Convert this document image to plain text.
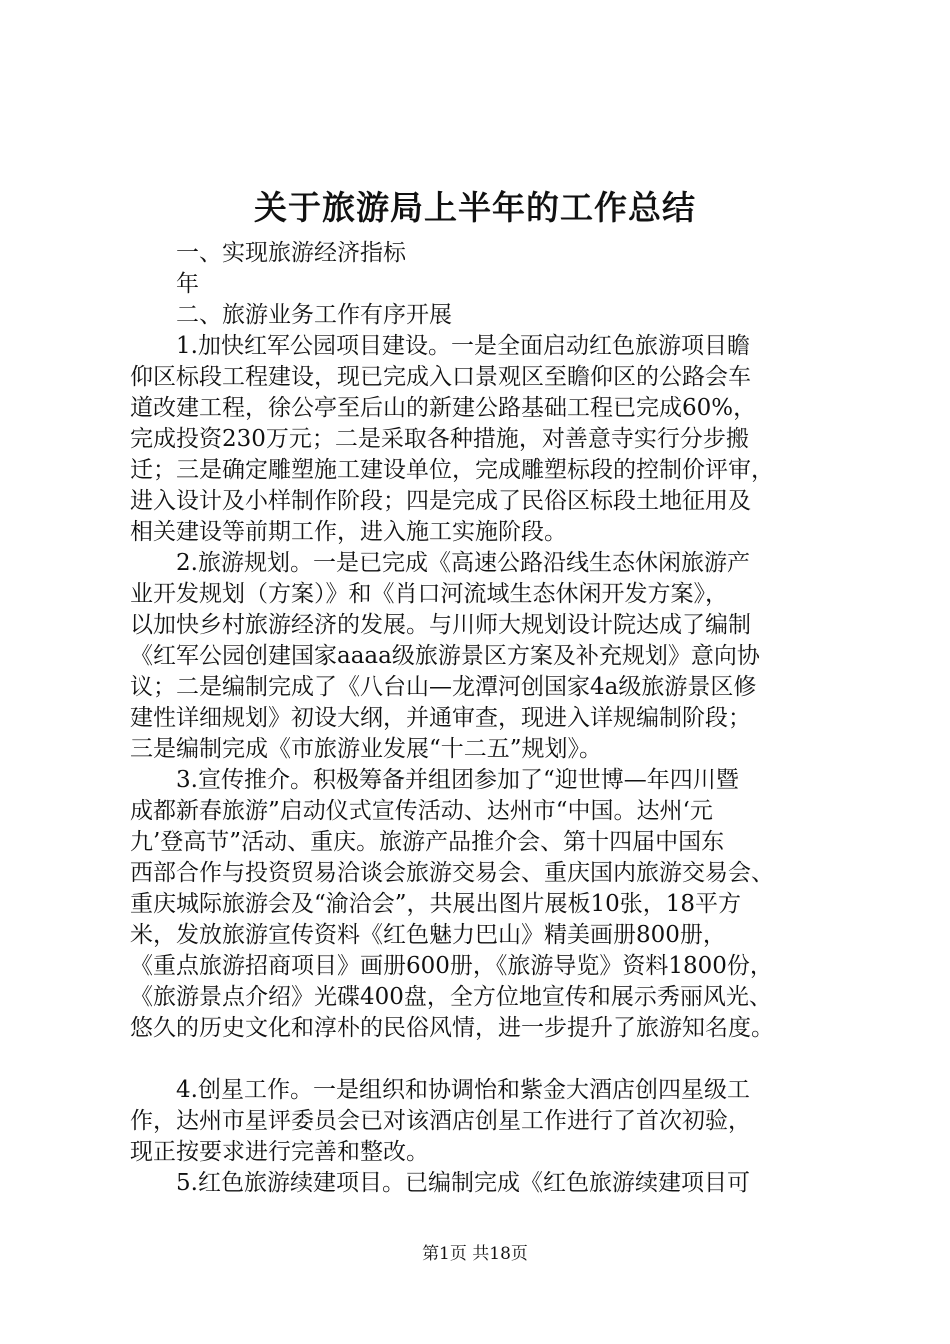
关于旅游局上半年的工作总结
　　一、实现旅游经济指标
　　年
　　二、旅游业务工作有序开展
　　1.加快红军公园项目建设。一是全面启动红色旅游项目瞻
仰区标段工程建设，现已完成入口景观区至瞻仰区的公路会车
道改建工程，徐公亭至后山的新建公路基础工程已完成60%，
完成投资230万元；二是采取各种措施，对善意寺实行分步搬
迁；三是确定雕塑施工建设单位，完成雕塑标段的控制价评审，
进入设计及小样制作阶段；四是完成了民俗区标段土地征用及
相关建设等前期工作，进入施工实施阶段。
　　2.旅游规划。一是已完成《高速公路沿线生态休闲旅游产
业开发规划（方案）》和《肖口河流域生态休闲开发方案》，
以加快乡村旅游经济的发展。与川师大规划设计院达成了编制
《红军公园创建国家aaaa级旅游景区方案及补充规划》意向协
议；二是编制完成了《八台山—龙潭河创国家4a级旅游景区修
建性详细规划》初设大纲，并通审查，现进入详规编制阶段；
三是编制完成《市旅游业发展“十二五”规划》。
　　3.宣传推介。积极筹备并组团参加了“迎世博—年四川暨
成都新春旅游”启动仪式宣传活动、达州市“中国。达州‘元
九’登高节”活动、重庆。旅游产品推介会、第十四届中国东
西部合作与投资贸易洽谈会旅游交易会、重庆国内旅游交易会、
重庆城际旅游会及“渝洽会”，共展出图片展板10张，18平方
米，发放旅游宣传资料《红色魅力巴山》精美画册800册，
《重点旅游招商项目》画册600册，《旅游导览》资料1800份，
《旅游景点介绍》光碟400盘，全方位地宣传和展示秀丽风光、
悠久的历史文化和淳朴的民俗风情，进一步提升了旅游知名度。
　　4.创星工作。一是组织和协调怡和紫金大酒店创四星级工
作，达州市星评委员会已对该酒店创星工作进行了首次初验，
现正按要求进行完善和整改。
　　5.红色旅游续建项目。已编制完成《红色旅游续建项目可
第1页 共18页
